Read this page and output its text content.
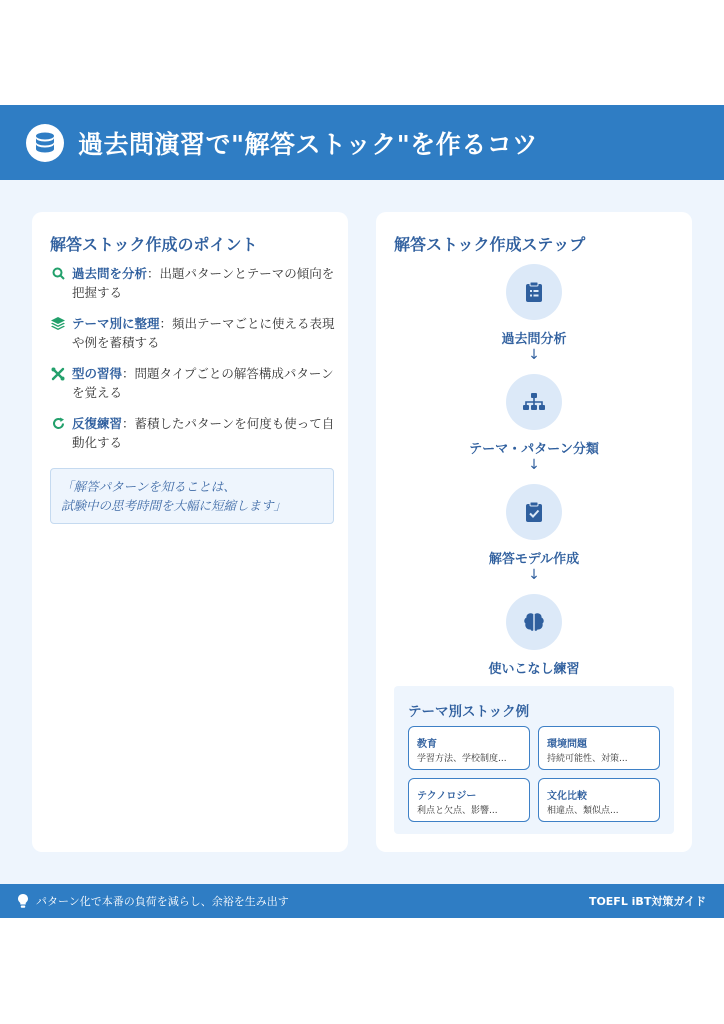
過去問演習で"解答ストック"を作るコツ
解答ストック作成のポイント
過去問を分析：出題パターンとテーマの傾向を把握する
テーマ別に整理：頻出テーマごとに使える表現や例を蓄積する
型の習得：問題タイプごとの解答構成パターンを覚える
反復練習：蓄積したパターンを何度も使って自動化する
「解答パターンを知ることは、
試験中の思考時間を大幅に短縮します」
解答ストック作成ステップ
過去問分析
↓
テーマ・パターン分類
↓
解答モデル作成
↓
使いこなし練習
テーマ別ストック例
教育
学習方法、学校制度...
環境問題
持続可能性、対策...
テクノロジー
利点と欠点、影響...
文化比較
相違点、類似点...
パターン化で本番の負荷を減らし、余裕を生み出す	TOEFL iBT対策ガイド
